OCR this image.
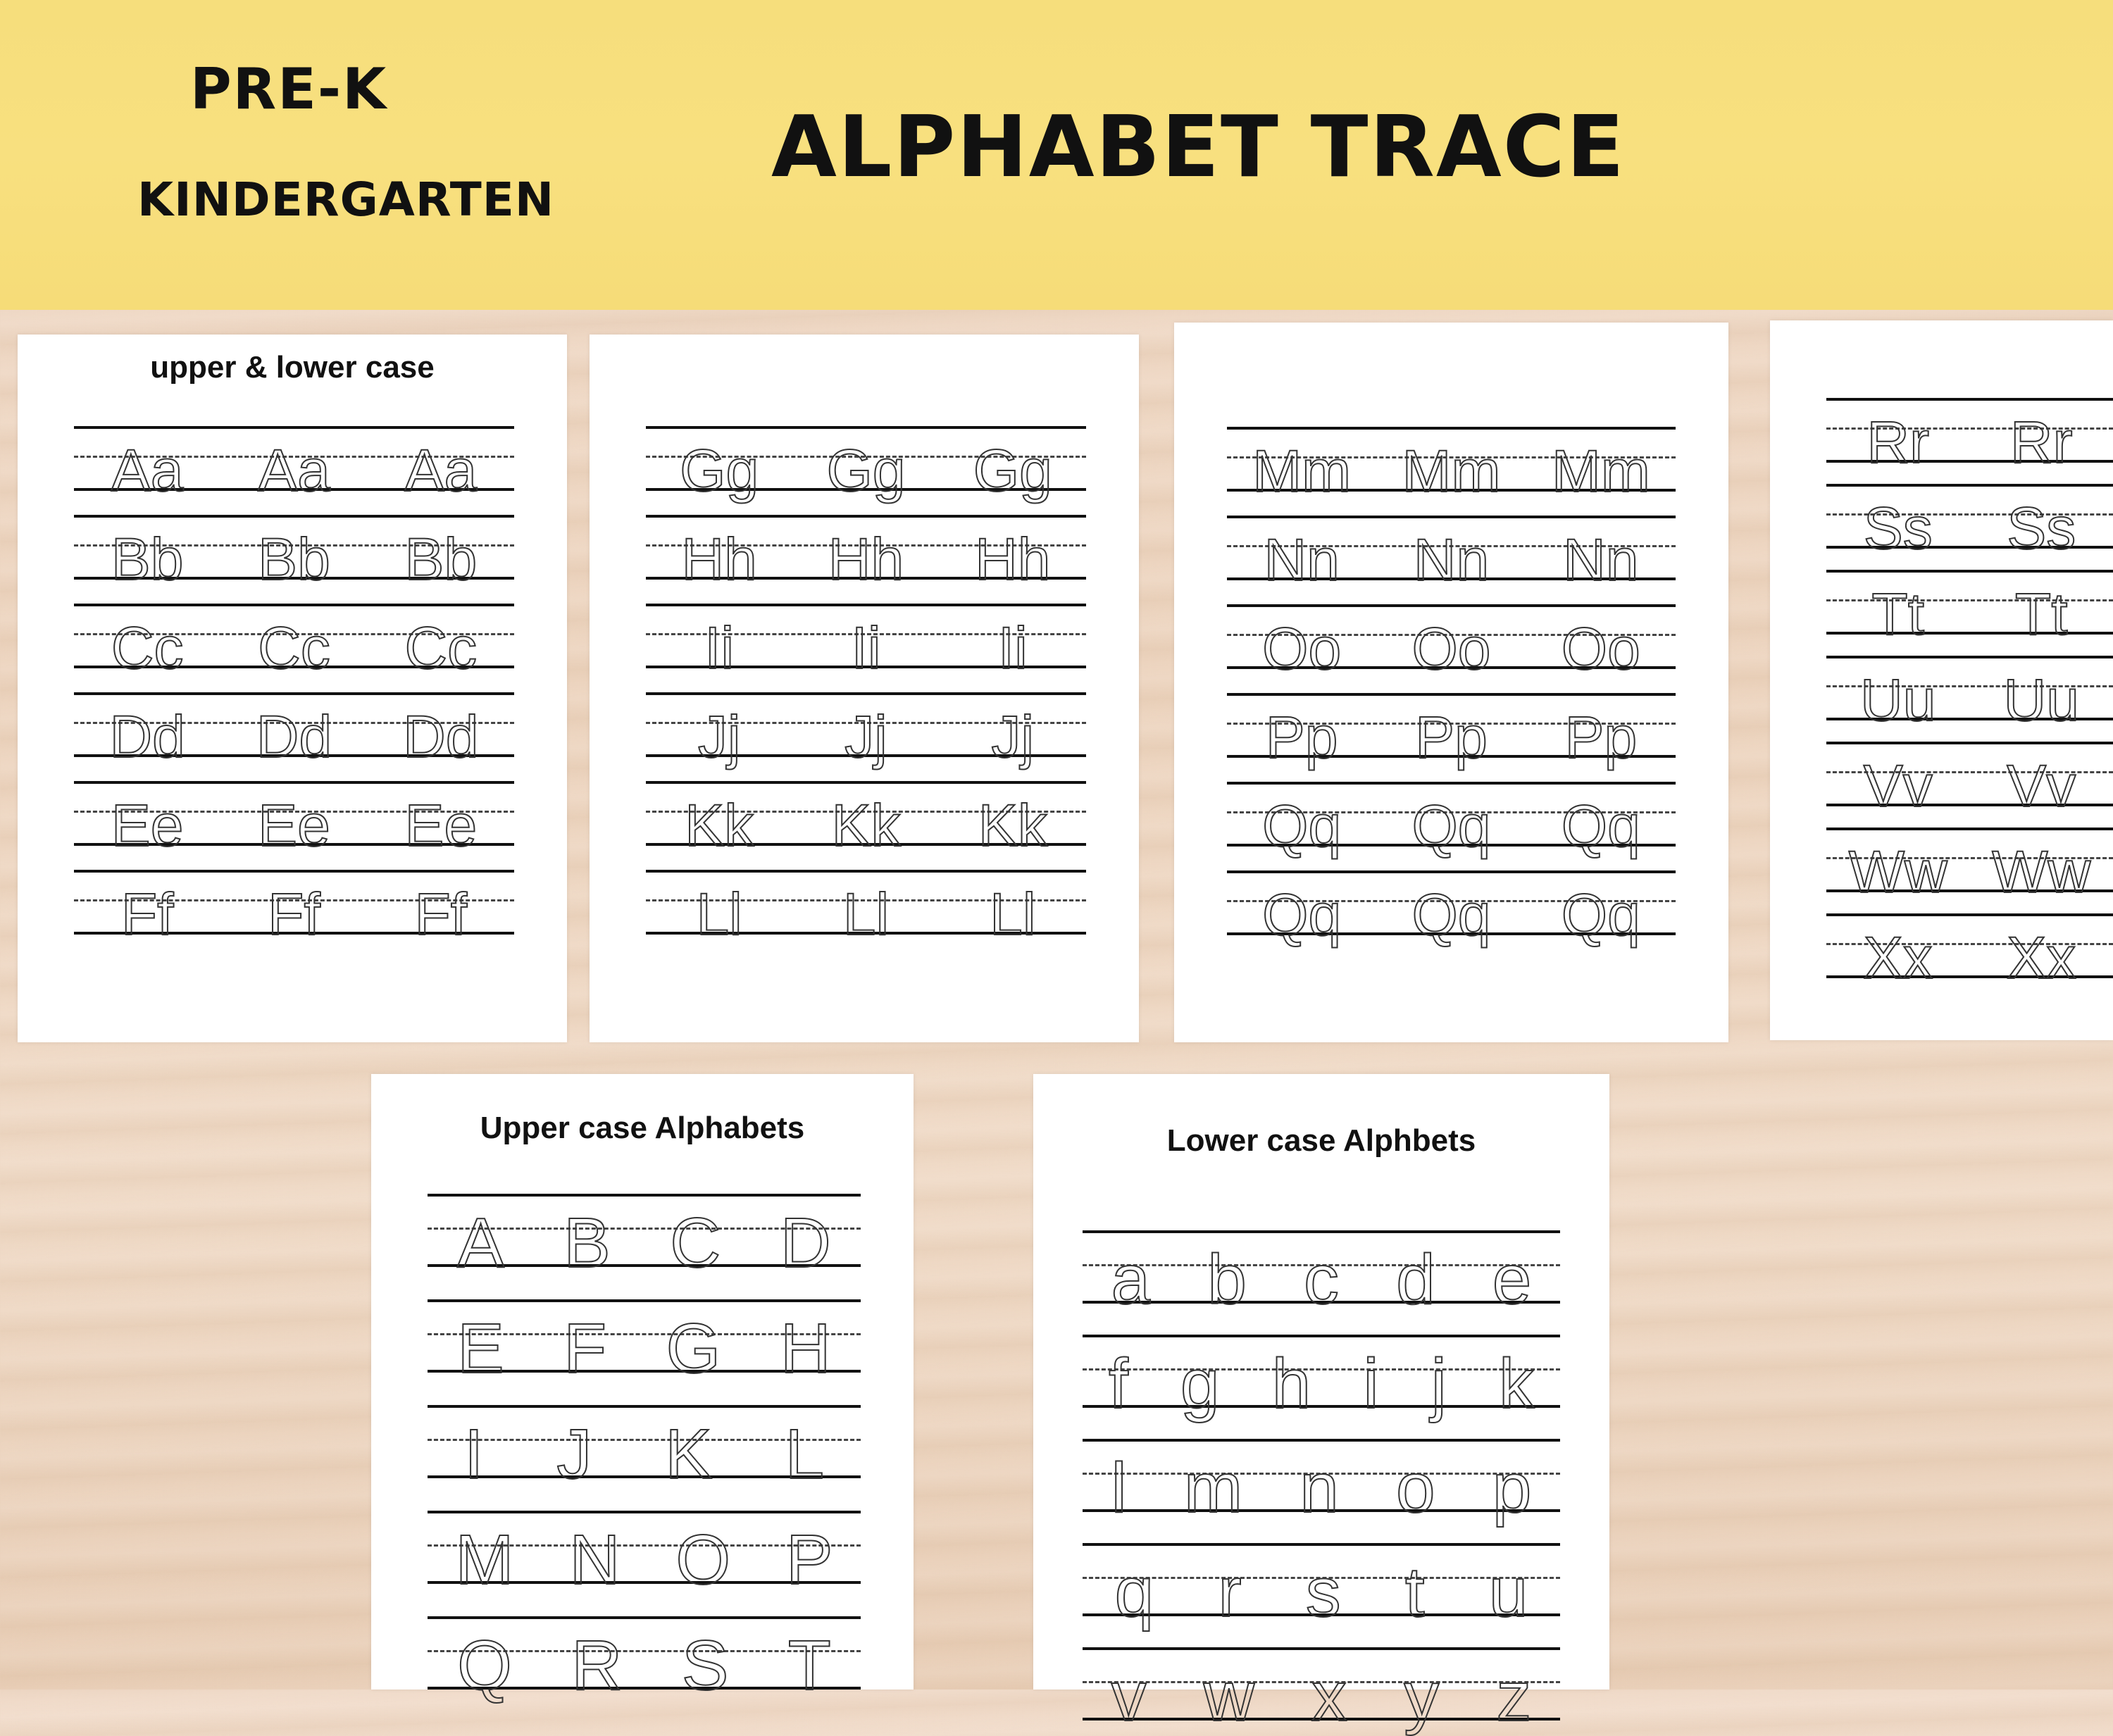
PRE-K
KINDERGARTEN
ALPHABET TRACE
upper & lower case
Aa Aa Aa
Bb Bb Bb
Cc Cc Cc
Dd Dd Dd
Ee Ee Ee
Ff Ff Ff
Gg Gg Gg
Hh Hh Hh
Ii Ii Ii
Jj Jj Jj
Kk Kk Kk
Ll Ll Ll
Mm Mm Mm
Nn Nn Nn
Oo Oo Oo
Pp Pp Pp
Qq Qq Qq
Qq Qq Qq
Rr Rr
Ss Ss
Tt Tt
Uu Uu
Vv Vv
Ww Ww
Xx Xx
Upper case Alphabets
A B C D
E F G H
I J K L
M N O P
Q R S T
Lower case Alphbets
a b c d e
f g h i j k
l m n o p
q r s t u
v w x y z
